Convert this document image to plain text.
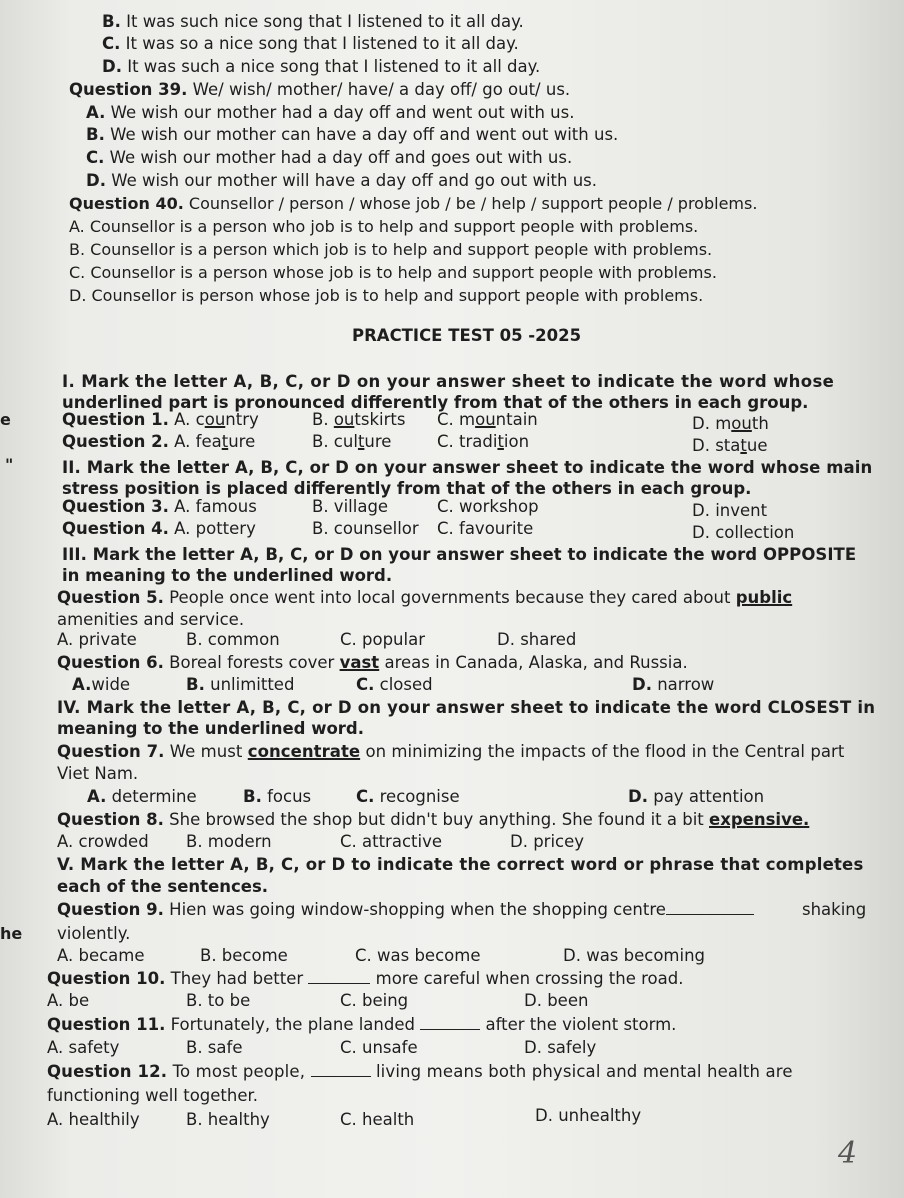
B. It was such nice song that I listened to it all day.
C. It was so a nice song that I listened to it all day.
D. It was such a nice song that I listened to it all day.
Question 39. We/ wish/ mother/ have/ a day off/ go out/ us.
A. We wish our mother had a day off and went out with us.
B. We wish our mother can have a day off and went out with us.
C. We wish our mother had a day off and goes out with us.
D. We wish our mother will have a day off and go out with us.
Question 40. Counsellor / person / whose job / be / help / support people / problems.
A. Counsellor is a person who job is to help and support people with problems.
B. Counsellor is a person which job is to help and support people with problems.
C. Counsellor is a person whose job is to help and support people with problems.
D. Counsellor is person whose job is to help and support people with problems.
PRACTICE TEST 05 -2025
I. Mark the letter A, B, C, or D on your answer sheet to indicate the word whose
underlined part is pronounced differently from that of the others in each group.
e	Question 1. A. country	B. outskirts C. mountain	D. mouth
Question 2. A. feature	B. culture	C. tradition	D. statue
"	II. Mark the letter A, B, C, or D on your answer sheet to indicate the word whose main
stress position is placed differently from that of the others in each group.
Question 3. A. famous	B. village	C. workshop	D. invent
Question 4. A. pottery	B. counsellor C. favourite	D. collection
III. Mark the letter A, B, C, or D on your answer sheet to indicate the word OPPOSITE
in meaning to the underlined word.
Question 5. People once went into local governments because they cared about public
amenities and service.
A. private	B. common	C. popular	D. shared
Question 6. Boreal forests cover vast areas in Canada, Alaska, and Russia.
A.wide	B. unlimitted	C. closed	D. narrow
IV. Mark the letter A, B, C, or D on your answer sheet to indicate the word CLOSEST in
meaning to the underlined word.
Question 7. We must concentrate on minimizing the impacts of the flood in the Central part
Viet Nam.
A. determine	B. focus	C. recognise	D. pay attention
Question 8. She browsed the shop but didn't buy anything. She found it a bit expensive.
A. crowded B. modern	C. attractive	D. pricey
V. Mark the letter A, B, C, or D to indicate the correct word or phrase that completes
each of the sentences.
Question 9. Hien was going window-shopping when the shopping centre	shaking
he violently.
A. became	B. become	C. was become	D. was becoming
Question 10. They had better	more careful when crossing the road.
A. be	B. to be	C. being	D. been
Question 11. Fortunately, the plane landed	after the violent storm.
A. safety	B. safe	C. unsafe	D. safely
Question 12. To most people,	living means both physical and mental health are
functioning well together.
A. healthily	B. healthy	C. health	D. unhealthy
4
